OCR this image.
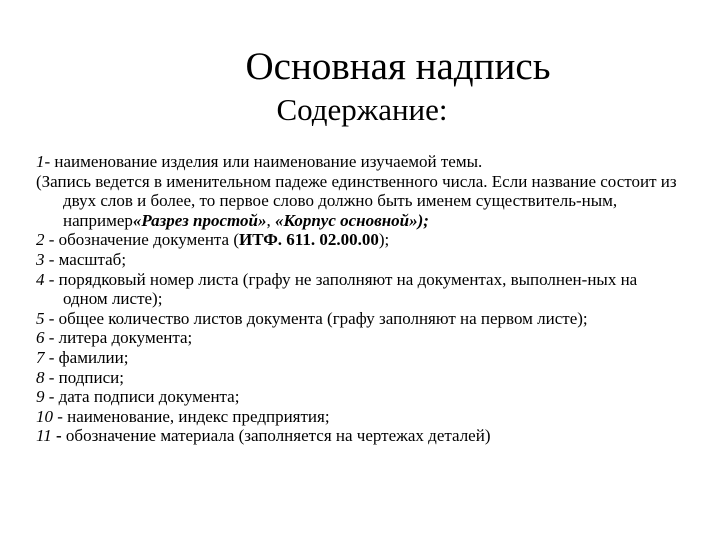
Основная надпись
Содержание:

1- наименование изделия или наименование изучаемой темы.

(Запись ведется в именительном падеже единственного числа. Если название состоит из двух слов и более, то первое слово должно быть именем существитель-ным, например«Разрез простой», «Корпус основной»);

2 - обозначение документа (ИТФ. 611. 02.00.00);

3 - масштаб;

4 - порядковый номер листа (графу не заполняют на документах, выполнен-ных на одном листе);

5 - общее количество листов документа (графу заполняют на первом листе);

6 - литера документа;

7 - фамилии;

8 - подписи;

9 - дата подписи документа;

10 - наименование, индекс предприятия;

11 - обозначение материала (заполняется на чертежах деталей)
